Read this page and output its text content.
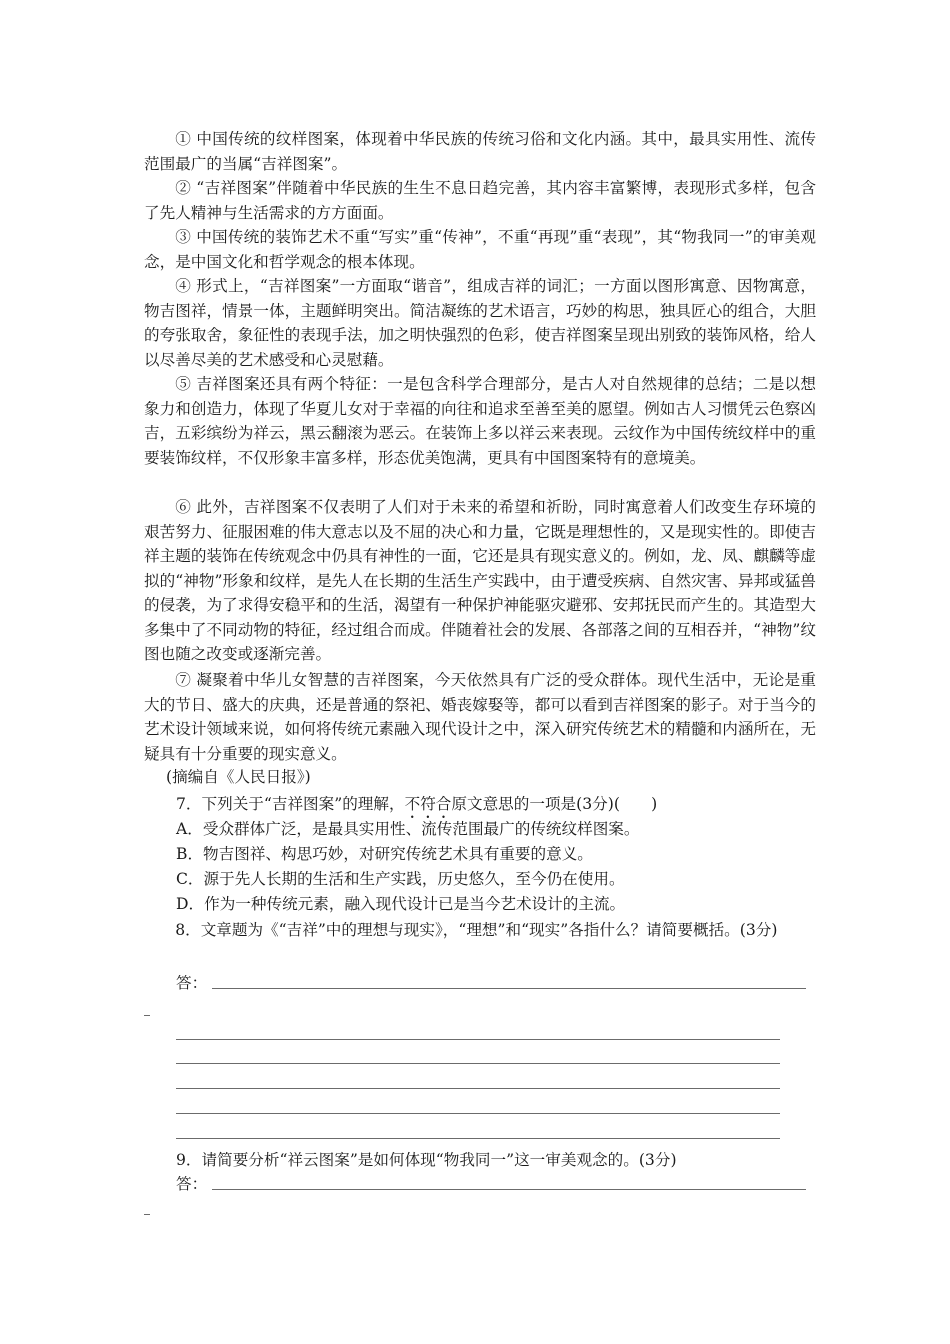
① 中国传统的纹样图案，体现着中华民族的传统习俗和文化内涵。其中，最具实用性、流传范围最广的当属“吉祥图案”。

② “吉祥图案”伴随着中华民族的生生不息日趋完善，其内容丰富繁博，表现形式多样，包含了先人精神与生活需求的方方面面。

③ 中国传统的装饰艺术不重“写实”重“传神”，不重“再现”重“表现”，其“物我同一”的审美观念，是中国文化和哲学观念的根本体现。

④ 形式上，“吉祥图案”一方面取“谐音”，组成吉祥的词汇；一方面以图形寓意、因物寓意，物吉图祥，情景一体，主题鲜明突出。简洁凝练的艺术语言，巧妙的构思，独具匠心的组合，大胆的夸张取舍，象征性的表现手法，加之明快强烈的色彩，使吉祥图案呈现出别致的装饰风格，给人以尽善尽美的艺术感受和心灵慰藉。

⑤ 吉祥图案还具有两个特征：一是包含科学合理部分，是古人对自然规律的总结；二是以想象力和创造力，体现了华夏儿女对于幸福的向往和追求至善至美的愿望。例如古人习惯凭云色察凶吉，五彩缤纷为祥云，黑云翻滚为恶云。在装饰上多以祥云来表现。云纹作为中国传统纹样中的重要装饰纹样，不仅形象丰富多样，形态优美饱满，更具有中国图案特有的意境美。

⑥ 此外，吉祥图案不仅表明了人们对于未来的希望和祈盼，同时寓意着人们改变生存环境的艰苦努力、征服困难的伟大意志以及不屈的决心和力量，它既是理想性的，又是现实性的。即使吉祥主题的装饰在传统观念中仍具有神性的一面，它还是具有现实意义的。例如，龙、凤、麒麟等虚拟的“神物”形象和纹样，是先人在长期的生活生产实践中，由于遭受疾病、自然灾害、异邦或猛兽的侵袭，为了求得安稳平和的生活，渴望有一种保护神能驱灾避邪、安邦抚民而产生的。其造型大多集中了不同动物的特征，经过组合而成。伴随着社会的发展、各部落之间的互相吞并，“神物”纹图也随之改变或逐渐完善。

⑦ 凝聚着中华儿女智慧的吉祥图案，今天依然具有广泛的受众群体。现代生活中，无论是重大的节日、盛大的庆典，还是普通的祭祀、婚丧嫁娶等，都可以看到吉祥图案的影子。对于当今的艺术设计领域来说，如何将传统元素融入现代设计之中，深入研究传统艺术的精髓和内涵所在，无疑具有十分重要的现实意义。

(摘编自《人民日报》)

7．下列关于“吉祥图案”的理解，不符合原文意思的一项是(3分)(　　)

A．受众群体广泛，是最具实用性、流传范围最广的传统纹样图案。

B．物吉图祥、构思巧妙，对研究传统艺术具有重要的意义。

C．源于先人长期的生活和生产实践，历史悠久，至今仍在使用。

D．作为一种传统元素，融入现代设计已是当今艺术设计的主流。

8．文章题为《“吉祥”中的理想与现实》，“理想”和“现实”各指什么？请简要概括。(3分)

答：

9．请简要分析“祥云图案”是如何体现“物我同一”这一审美观念的。(3分)

答：
